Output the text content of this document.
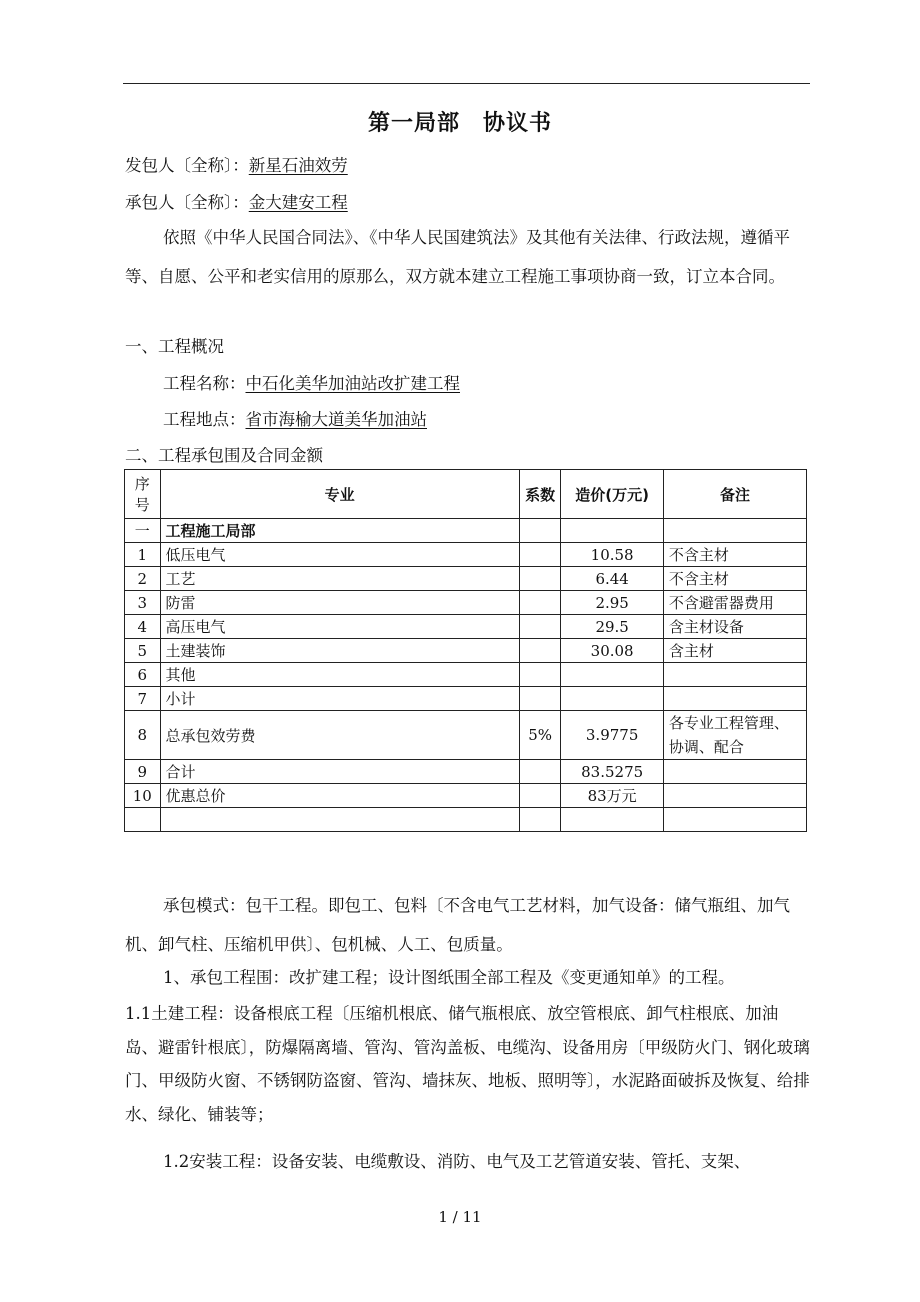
第一局部　协议书
发包人〔全称〕：新星石油效劳
承包人〔全称〕：金大建安工程
依照《中华人民国合同法》、《中华人民国建筑法》及其他有关法律、行政法规，遵循平等、自愿、公平和老实信用的原那么，双方就本建立工程施工事项协商一致，订立本合同。
一、工程概况
工程名称：中石化美华加油站改扩建工程
工程地点：省市海榆大道美华加油站
二、工程承包围及合同金额
序号	专业	系数	造价(万元)	备注
一	工程施工局部			
1	低压电气		10.58	不含主材
2	工艺		6.44	不含主材
3	防雷		2.95	不含避雷器费用
4	高压电气		29.5	含主材设备
5	土建装饰		30.08	含主材
6	其他			
7	小计			
8	总承包效劳费	5%	3.9775	各专业工程管理、协调、配合
9	合计		83.5275	
10	优惠总价		83万元	

承包模式：包干工程。即包工、包料〔不含电气工艺材料，加气设备：储气瓶组、加气机、卸气柱、压缩机甲供〕、包机械、人工、包质量。
1、承包工程围：改扩建工程；设计图纸围全部工程及《变更通知单》的工程。
1.1土建工程：设备根底工程〔压缩机根底、储气瓶根底、放空管根底、卸气柱根底、加油岛、避雷针根底〕，防爆隔离墙、管沟、管沟盖板、电缆沟、设备用房〔甲级防火门、钢化玻璃门、甲级防火窗、不锈钢防盗窗、管沟、墙抹灰、地板、照明等〕，水泥路面破拆及恢复、给排水、绿化、铺装等；
1.2安装工程：设备安装、电缆敷设、消防、电气及工艺管道安装、管托、支架、
1 / 11
